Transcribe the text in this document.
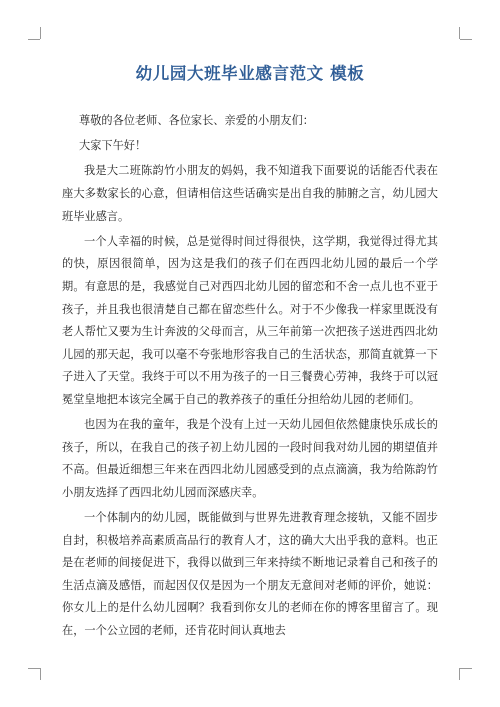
幼儿园大班毕业感言范文 模板

尊敬的各位老师、各位家长、亲爱的小朋友们：

大家下午好！

我是大二班陈韵竹小朋友的妈妈，我不知道我下面要说的话能否代表在座大多数家长的心意，但请相信这些话确实是出自我的肺腑之言，幼儿园大班毕业感言。

一个人幸福的时候，总是觉得时间过得很快，这学期，我觉得过得尤其的快，原因很简单，因为这是我们的孩子们在西四北幼儿园的最后一个学期。有意思的是，我感觉自己对西四北幼儿园的留恋和不舍一点儿也不亚于孩子，并且我也很清楚自己都在留恋些什么。对于不少像我一样家里既没有老人帮忙又要为生计奔波的父母而言，从三年前第一次把孩子送进西四北幼儿园的那天起，我可以毫不夸张地形容我自己的生活状态，那简直就算一下子进入了天堂。我终于可以不用为孩子的一日三餐费心劳神，我终于可以冠冕堂皇地把本该完全属于自己的教养孩子的重任分担给幼儿园的老师们。

也因为在我的童年，我是个没有上过一天幼儿园但依然健康快乐成长的孩子，所以，在我自己的孩子初上幼儿园的一段时间我对幼儿园的期望值并不高。但最近细想三年来在西四北幼儿园感受到的点点滴滴，我为给陈韵竹小朋友选择了西四北幼儿园而深感庆幸。

一个体制内的幼儿园，既能做到与世界先进教育理念接轨，又能不固步自封，积极培养高素质高品行的教育人才，这的确大大出乎我的意料。也正是在老师的间接促进下，我得以做到三年来持续不断地记录着自己和孩子的生活点滴及感悟，而起因仅仅是因为一个朋友无意间对老师的评价，她说：你女儿上的是什么幼儿园啊？我看到你女儿的老师在你的博客里留言了。现在，一个公立园的老师，还肯花时间认真地去
